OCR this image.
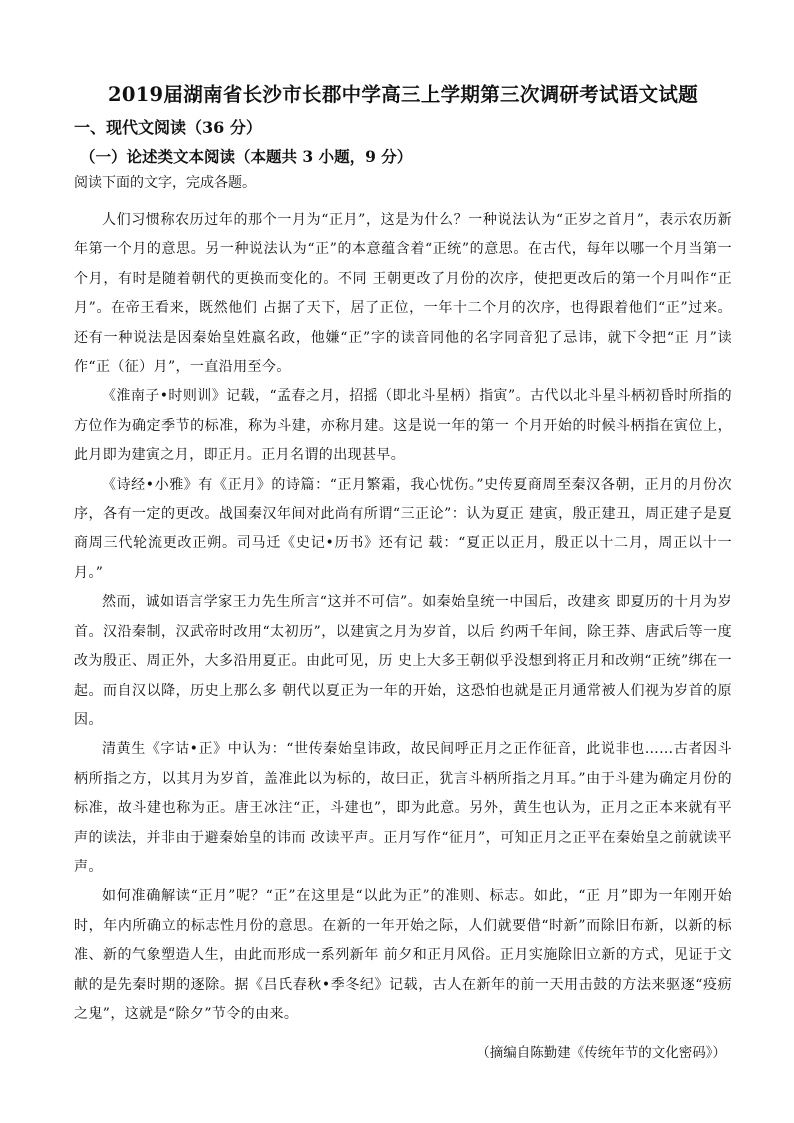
2019届湖南省长沙市长郡中学高三上学期第三次调研考试语文试题
一、现代文阅读（36 分）
（一）论述类文本阅读（本题共 3 小题，9 分）
阅读下面的文字，完成各题。

人们习惯称农历过年的那个一月为“正月”，这是为什么？一种说法认为“正岁之首月”，表示农历新年第一个月的意思。另一种说法认为“正”的本意蕴含着“正统”的意思。在古代，每年以哪一个月当第一个月，有时是随着朝代的更换而变化的。不同 王朝更改了月份的次序，使把更改后的第一个月叫作“正月”。在帝王看来，既然他们 占据了天下，居了正位，一年十二个月的次序，也得跟着他们“正”过来。还有一种说法是因秦始皇姓嬴名政，他嫌“正”字的读音同他的名字同音犯了忌讳，就下令把“正 月”读作“正（征）月”，一直沿用至今。

《淮南子•时则训》记载，“孟春之月，招摇（即北斗星柄）指寅”。古代以北斗星斗柄初昏时所指的方位作为确定季节的标准，称为斗建，亦称月建。这是说一年的第一 个月开始的时候斗柄指在寅位上，此月即为建寅之月，即正月。正月名谓的出现甚早。

《诗经•小雅》有《正月》的诗篇：“正月繁霜，我心忧伤。”史传夏商周至秦汉各朝，正月的月份次序，各有一定的更改。战国秦汉年间对此尚有所谓“三正论”：认为夏正 建寅，殷正建丑，周正建子是夏商周三代轮流更改正朔。司马迁《史记•历书》还有记 载：“夏正以正月，殷正以十二月，周正以十一月。”

然而，诚如语言学家王力先生所言“这并不可信”。如秦始皇统一中国后，改建亥 即夏历的十月为岁首。汉沿秦制，汉武帝时改用“太初历”，以建寅之月为岁首，以后 约两千年间，除王莽、唐武后等一度改为殷正、周正外，大多沿用夏正。由此可见，历 史上大多王朝似乎没想到将正月和改朔“正统”绑在一起。而自汉以降，历史上那么多 朝代以夏正为一年的开始，这恐怕也就是正月通常被人们视为岁首的原因。

清黄生《字诂•正》中认为：“世传秦始皇讳政，故民间呼正月之正作征音，此说非也……古者因斗柄所指之方，以其月为岁首，盖准此以为标的，故曰正，犹言斗柄所指之月耳。”由于斗建为确定月份的标准，故斗建也称为正。唐王冰注“正，斗建也”，即为此意。另外，黄生也认为，正月之正本来就有平声的读法，并非由于避秦始皇的讳而 改读平声。正月写作“征月”，可知正月之正平在秦始皇之前就读平声。

如何准确解读“正月”呢？“正”在这里是“以此为正”的准则、标志。如此，“正 月”即为一年刚开始时，年内所确立的标志性月份的意思。在新的一年开始之际，人们就要借“时新”而除旧布新，以新的标准、新的气象塑造人生，由此而形成一系列新年 前夕和正月风俗。正月实施除旧立新的方式，见证于文献的是先秦时期的逐除。据《吕氏春秋•季冬纪》记载，古人在新年的前一天用击鼓的方法来驱逐“疫疬之鬼”，这就是“除夕”节令的由来。

（摘编自陈勤建《传统年节的文化密码》）
